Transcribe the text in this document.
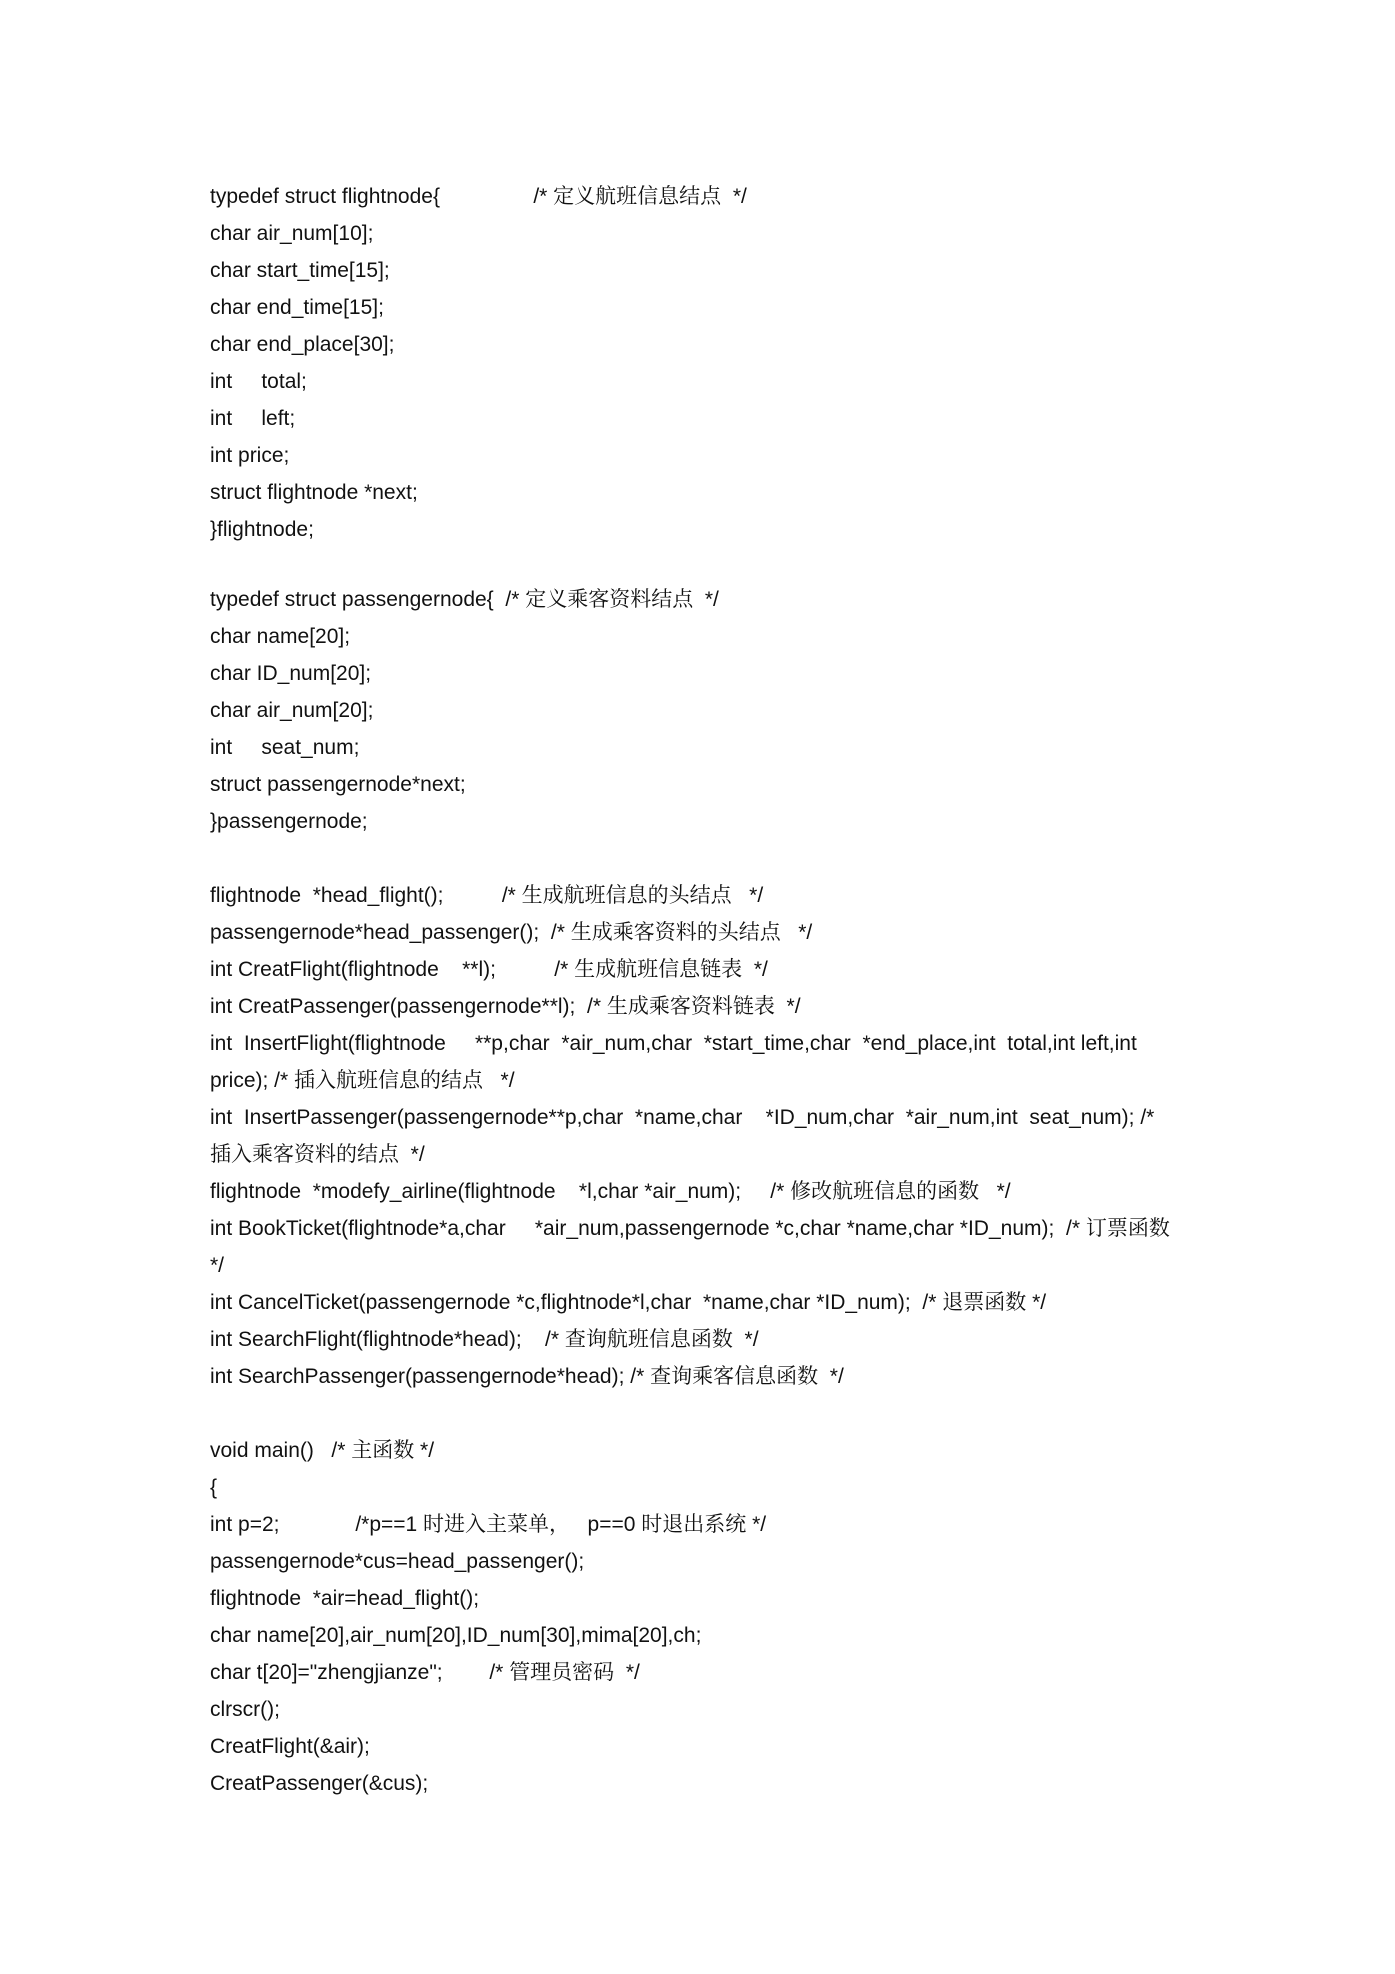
typedef struct flightnode{                /* 定义航班信息结点  */
char air_num[10];
char start_time[15];
char end_time[15];
char end_place[30];
int     total;
int     left;
int price;
struct flightnode *next;
}flightnode;
typedef struct passengernode{  /* 定义乘客资料结点  */
char name[20];
char ID_num[20];
char air_num[20];
int     seat_num;
struct passengernode*next;
}passengernode;
flightnode  *head_flight();          /* 生成航班信息的头结点   */
passengernode*head_passenger();  /* 生成乘客资料的头结点   */
int CreatFlight(flightnode    **l);          /* 生成航班信息链表  */
int CreatPassenger(passengernode**l);  /* 生成乘客资料链表  */
int  InsertFlight(flightnode     **p,char  *air_num,char  *start_time,char  *end_place,int  total,int left,int price); /* 插入航班信息的结点   */
int  InsertPassenger(passengernode**p,char  *name,char    *ID_num,char  *air_num,int  seat_num); /* 插入乘客资料的结点  */
flightnode  *modefy_airline(flightnode    *l,char *air_num);     /* 修改航班信息的函数   */
int BookTicket(flightnode*a,char     *air_num,passengernode *c,char *name,char *ID_num);  /* 订票函数 */
int CancelTicket(passengernode *c,flightnode*l,char  *name,char *ID_num);  /* 退票函数 */
int SearchFlight(flightnode*head);    /* 查询航班信息函数  */
int SearchPassenger(passengernode*head); /* 查询乘客信息函数  */
void main()   /* 主函数 */
{
int p=2;             /*p==1 时进入主菜单，   p==0 时退出系统 */
passengernode*cus=head_passenger();
flightnode  *air=head_flight();
char name[20],air_num[20],ID_num[30],mima[20],ch;
char t[20]="zhengjianze";        /* 管理员密码  */
clrscr();
CreatFlight(&air);
CreatPassenger(&cus);
